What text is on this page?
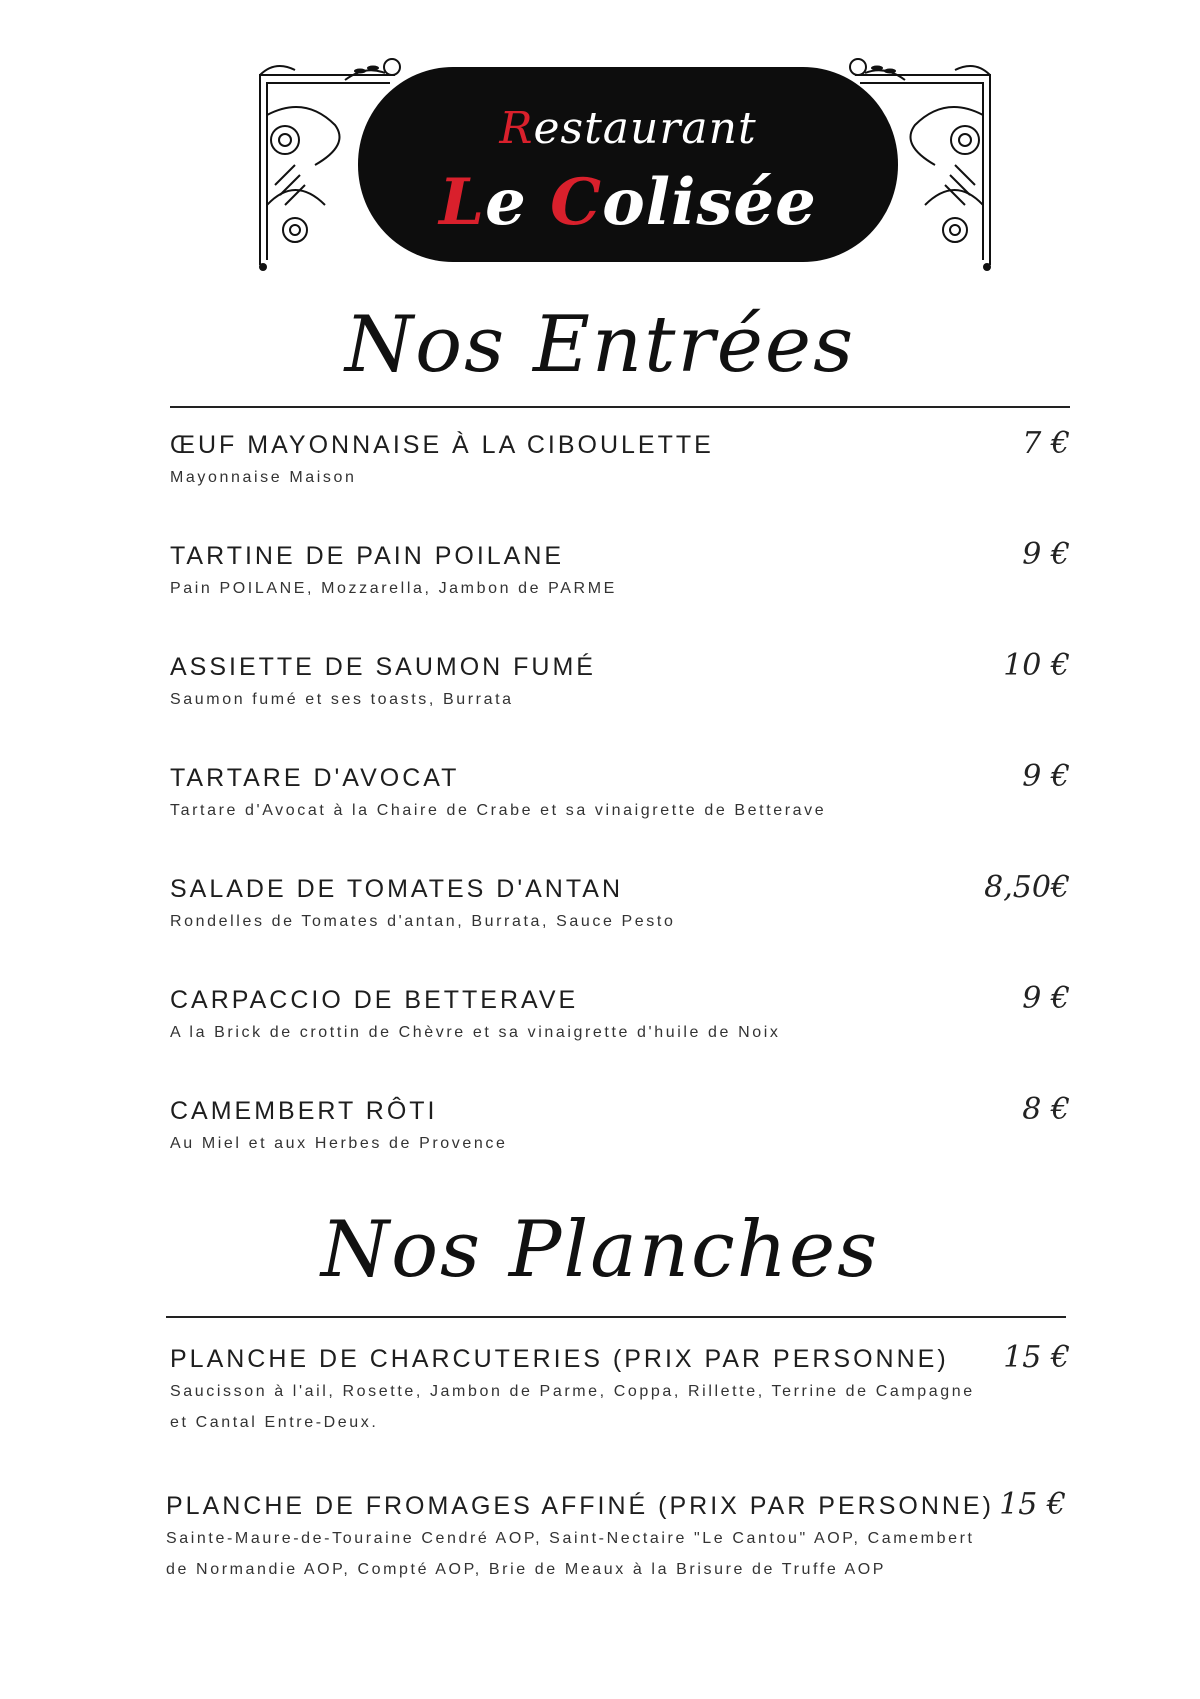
Restaurant
Le Colisée
Nos Entrées
ŒUF MAYONNAISE À LA CIBOULETTE
Mayonnaise Maison
7 €
TARTINE DE PAIN POILANE
Pain POILANE, Mozzarella, Jambon de PARME
9 €
ASSIETTE DE SAUMON FUMÉ
Saumon fumé et ses toasts, Burrata
10 €
TARTARE D'AVOCAT
Tartare d'Avocat à la Chaire de Crabe et sa vinaigrette de Betterave
9 €
SALADE DE TOMATES D'ANTAN
Rondelles de Tomates d'antan, Burrata, Sauce Pesto
8,50€
CARPACCIO DE BETTERAVE
A la Brick de crottin de Chèvre et sa vinaigrette d'huile de Noix
9 €
CAMEMBERT RÔTI
Au Miel et aux Herbes de Provence
8 €
Nos Planches
PLANCHE DE CHARCUTERIES (PRIX PAR PERSONNE)
Saucisson à l'ail, Rosette, Jambon de Parme, Coppa, Rillette, Terrine de Campagne et Cantal Entre-Deux.
15 €
PLANCHE DE FROMAGES AFFINÉ (PRIX PAR PERSONNE)
Sainte-Maure-de-Touraine Cendré AOP, Saint-Nectaire "Le Cantou" AOP, Camembert de Normandie AOP, Compté AOP, Brie de Meaux à la Brisure de Truffe AOP
15 €
